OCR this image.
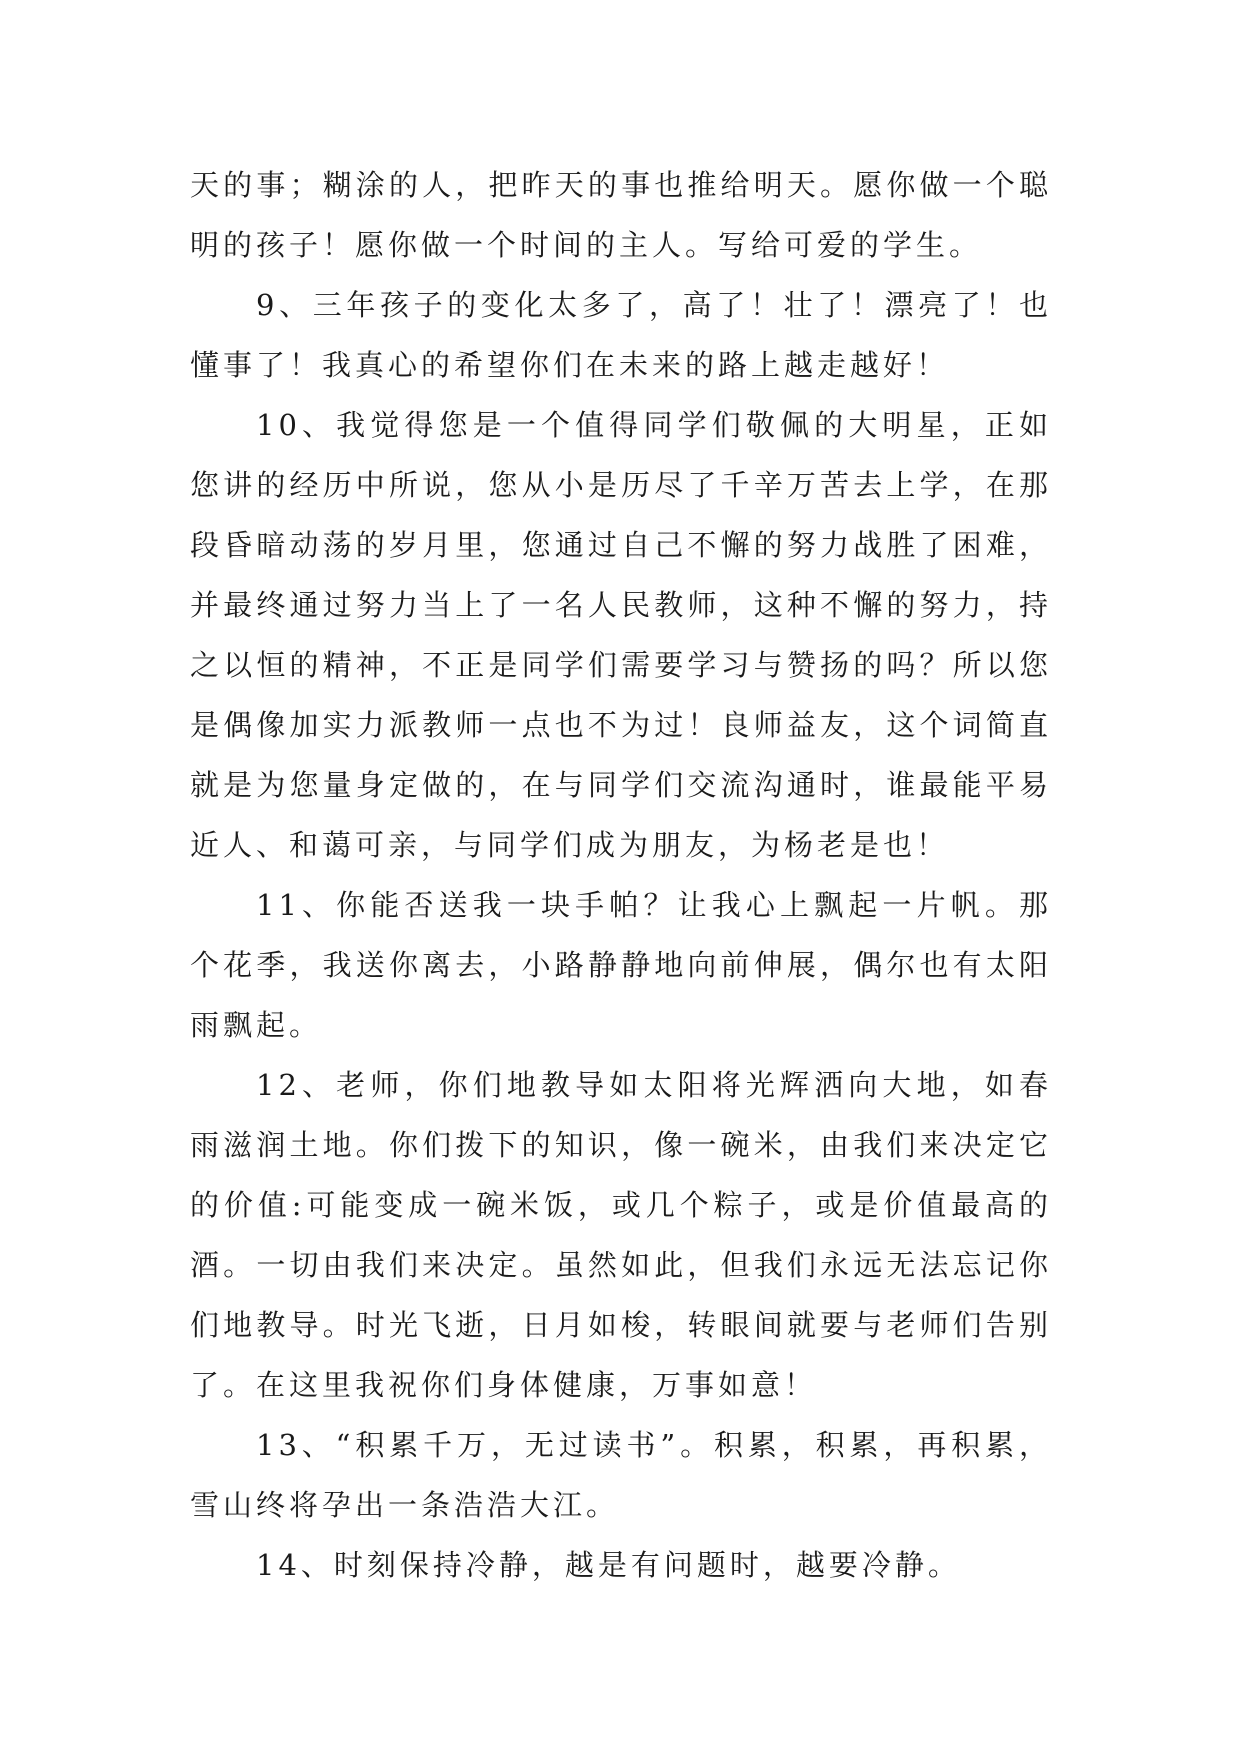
天的事；糊涂的人，把昨天的事也推给明天。愿你做一个聪明的孩子！愿你做一个时间的主人。写给可爱的学生。

9、三年孩子的变化太多了，高了！壮了！漂亮了！也懂事了！我真心的希望你们在未来的路上越走越好！

10、我觉得您是一个值得同学们敬佩的大明星，正如您讲的经历中所说，您从小是历尽了千辛万苦去上学，在那段昏暗动荡的岁月里，您通过自己不懈的努力战胜了困难，并最终通过努力当上了一名人民教师，这种不懈的努力，持之以恒的精神，不正是同学们需要学习与赞扬的吗？所以您是偶像加实力派教师一点也不为过！良师益友，这个词简直就是为您量身定做的，在与同学们交流沟通时，谁最能平易近人、和蔼可亲，与同学们成为朋友，为杨老是也！

11、你能否送我一块手帕？让我心上飘起一片帆。那个花季，我送你离去，小路静静地向前伸展，偶尔也有太阳雨飘起。

12、老师，你们地教导如太阳将光辉洒向大地，如春雨滋润土地。你们拨下的知识，像一碗米，由我们来决定它的价值:可能变成一碗米饭，或几个粽子，或是价值最高的酒。一切由我们来决定。虽然如此，但我们永远无法忘记你们地教导。时光飞逝，日月如梭，转眼间就要与老师们告别了。在这里我祝你们身体健康，万事如意！

13、“积累千万，无过读书”。积累，积累，再积累，雪山终将孕出一条浩浩大江。

14、时刻保持冷静，越是有问题时，越要冷静。
